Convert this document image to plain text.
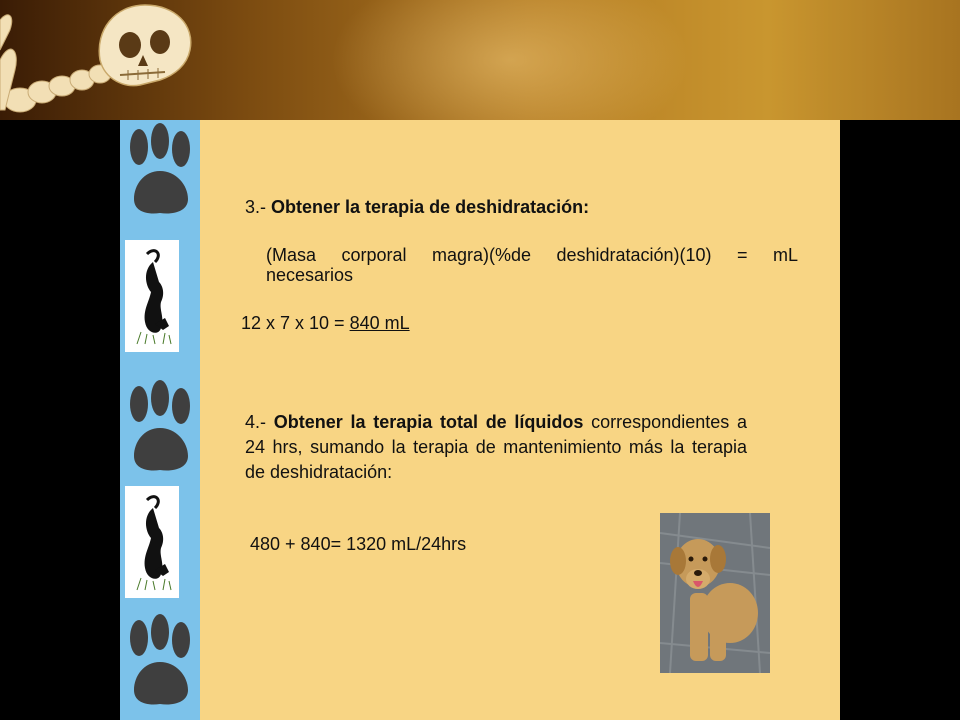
3.- Obtener la terapia de deshidratación:
(Masa corporal magra)(%de deshidratación)(10) = mL
necesarios
12 x 7 x 10 = 840 mL
4.- Obtener la terapia total de líquidos correspondientes a
24 hrs, sumando la terapia de mantenimiento más la terapia
de deshidratación:
480 + 840= 1320 mL/24hrs
